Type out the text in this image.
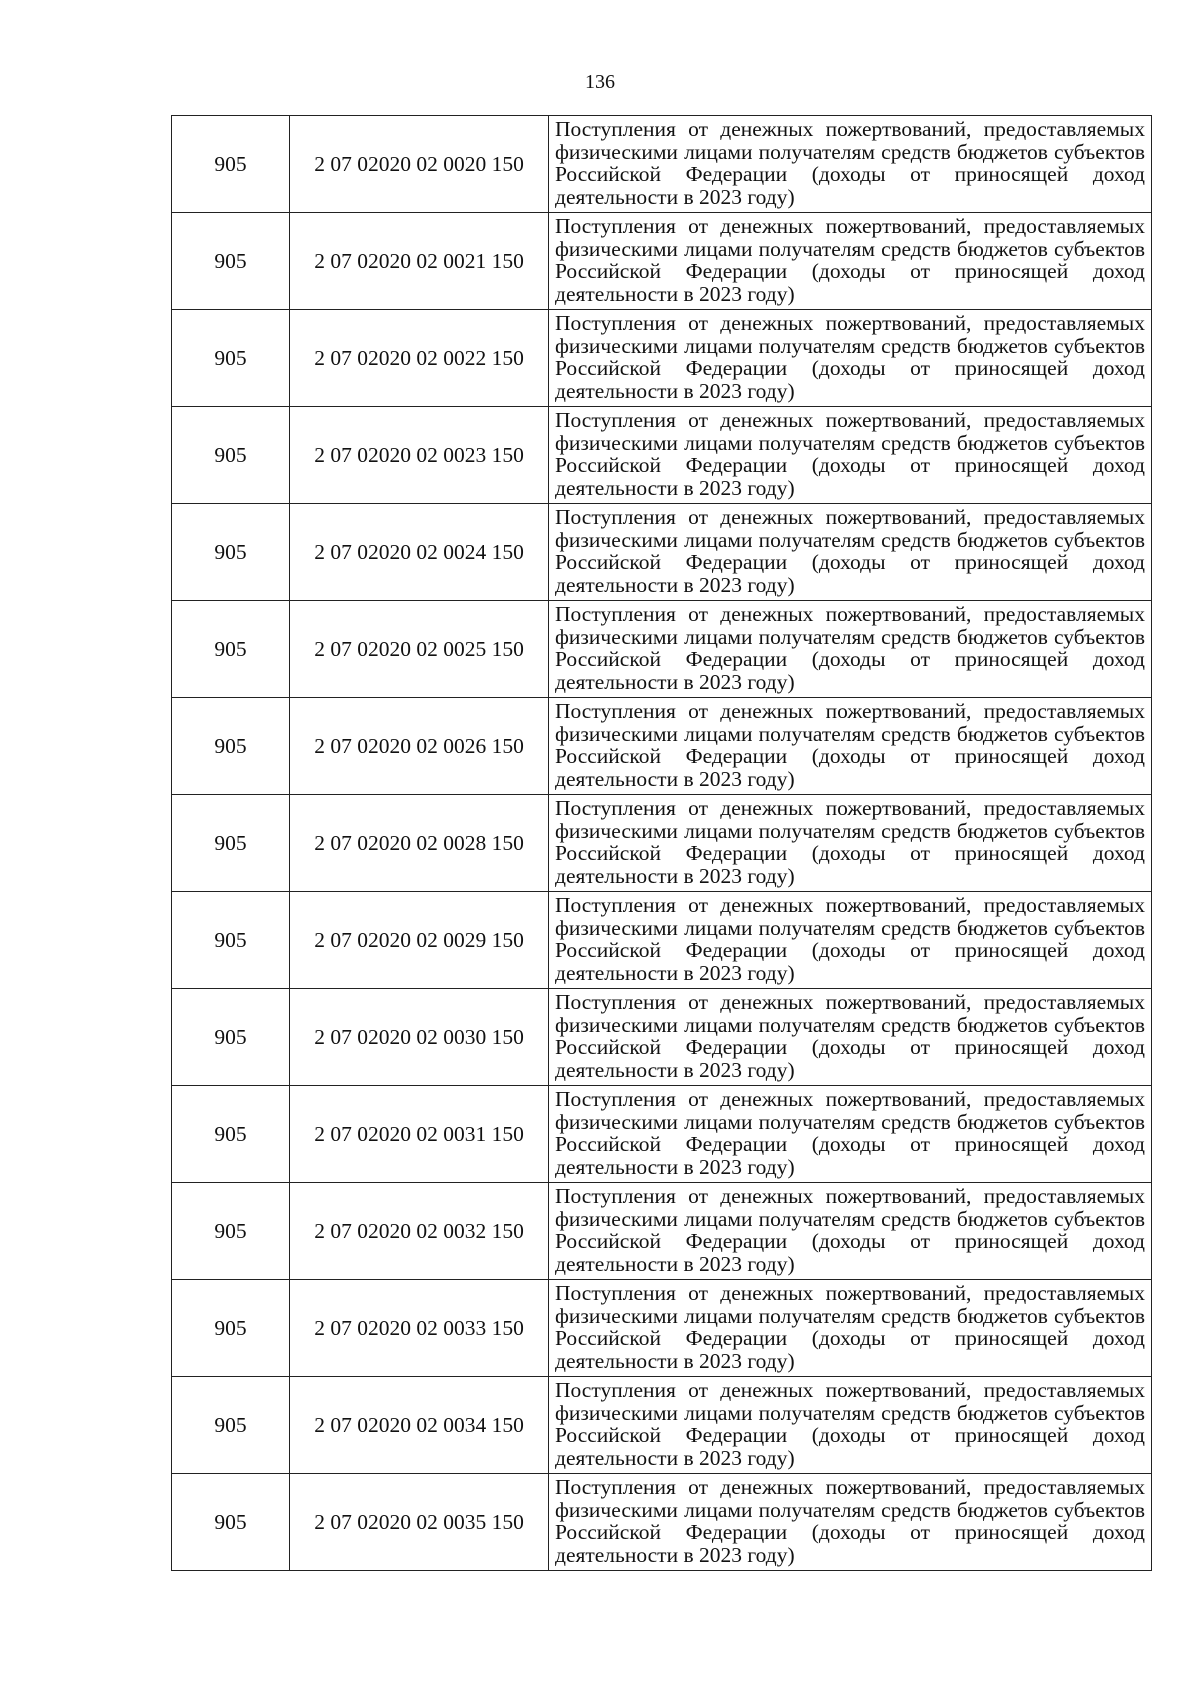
136
905	2 07 02020 02 0020 150	Поступления от денежных пожертвований, предоставляемых физическими лицами получателям средств бюджетов субъектов Российской Федерации (доходы от приносящей доход деятельности в 2023 году)
905	2 07 02020 02 0021 150	Поступления от денежных пожертвований, предоставляемых физическими лицами получателям средств бюджетов субъектов Российской Федерации (доходы от приносящей доход деятельности в 2023 году)
905	2 07 02020 02 0022 150	Поступления от денежных пожертвований, предоставляемых физическими лицами получателям средств бюджетов субъектов Российской Федерации (доходы от приносящей доход деятельности в 2023 году)
905	2 07 02020 02 0023 150	Поступления от денежных пожертвований, предоставляемых физическими лицами получателям средств бюджетов субъектов Российской Федерации (доходы от приносящей доход деятельности в 2023 году)
905	2 07 02020 02 0024 150	Поступления от денежных пожертвований, предоставляемых физическими лицами получателям средств бюджетов субъектов Российской Федерации (доходы от приносящей доход деятельности в 2023 году)
905	2 07 02020 02 0025 150	Поступления от денежных пожертвований, предоставляемых физическими лицами получателям средств бюджетов субъектов Российской Федерации (доходы от приносящей доход деятельности в 2023 году)
905	2 07 02020 02 0026 150	Поступления от денежных пожертвований, предоставляемых физическими лицами получателям средств бюджетов субъектов Российской Федерации (доходы от приносящей доход деятельности в 2023 году)
905	2 07 02020 02 0028 150	Поступления от денежных пожертвований, предоставляемых физическими лицами получателям средств бюджетов субъектов Российской Федерации (доходы от приносящей доход деятельности в 2023 году)
905	2 07 02020 02 0029 150	Поступления от денежных пожертвований, предоставляемых физическими лицами получателям средств бюджетов субъектов Российской Федерации (доходы от приносящей доход деятельности в 2023 году)
905	2 07 02020 02 0030 150	Поступления от денежных пожертвований, предоставляемых физическими лицами получателям средств бюджетов субъектов Российской Федерации (доходы от приносящей доход деятельности в 2023 году)
905	2 07 02020 02 0031 150	Поступления от денежных пожертвований, предоставляемых физическими лицами получателям средств бюджетов субъектов Российской Федерации (доходы от приносящей доход деятельности в 2023 году)
905	2 07 02020 02 0032 150	Поступления от денежных пожертвований, предоставляемых физическими лицами получателям средств бюджетов субъектов Российской Федерации (доходы от приносящей доход деятельности в 2023 году)
905	2 07 02020 02 0033 150	Поступления от денежных пожертвований, предоставляемых физическими лицами получателям средств бюджетов субъектов Российской Федерации (доходы от приносящей доход деятельности в 2023 году)
905	2 07 02020 02 0034 150	Поступления от денежных пожертвований, предоставляемых физическими лицами получателям средств бюджетов субъектов Российской Федерации (доходы от приносящей доход деятельности в 2023 году)
905	2 07 02020 02 0035 150	Поступления от денежных пожертвований, предоставляемых физическими лицами получателям средств бюджетов субъектов Российской Федерации (доходы от приносящей доход деятельности в 2023 году)
